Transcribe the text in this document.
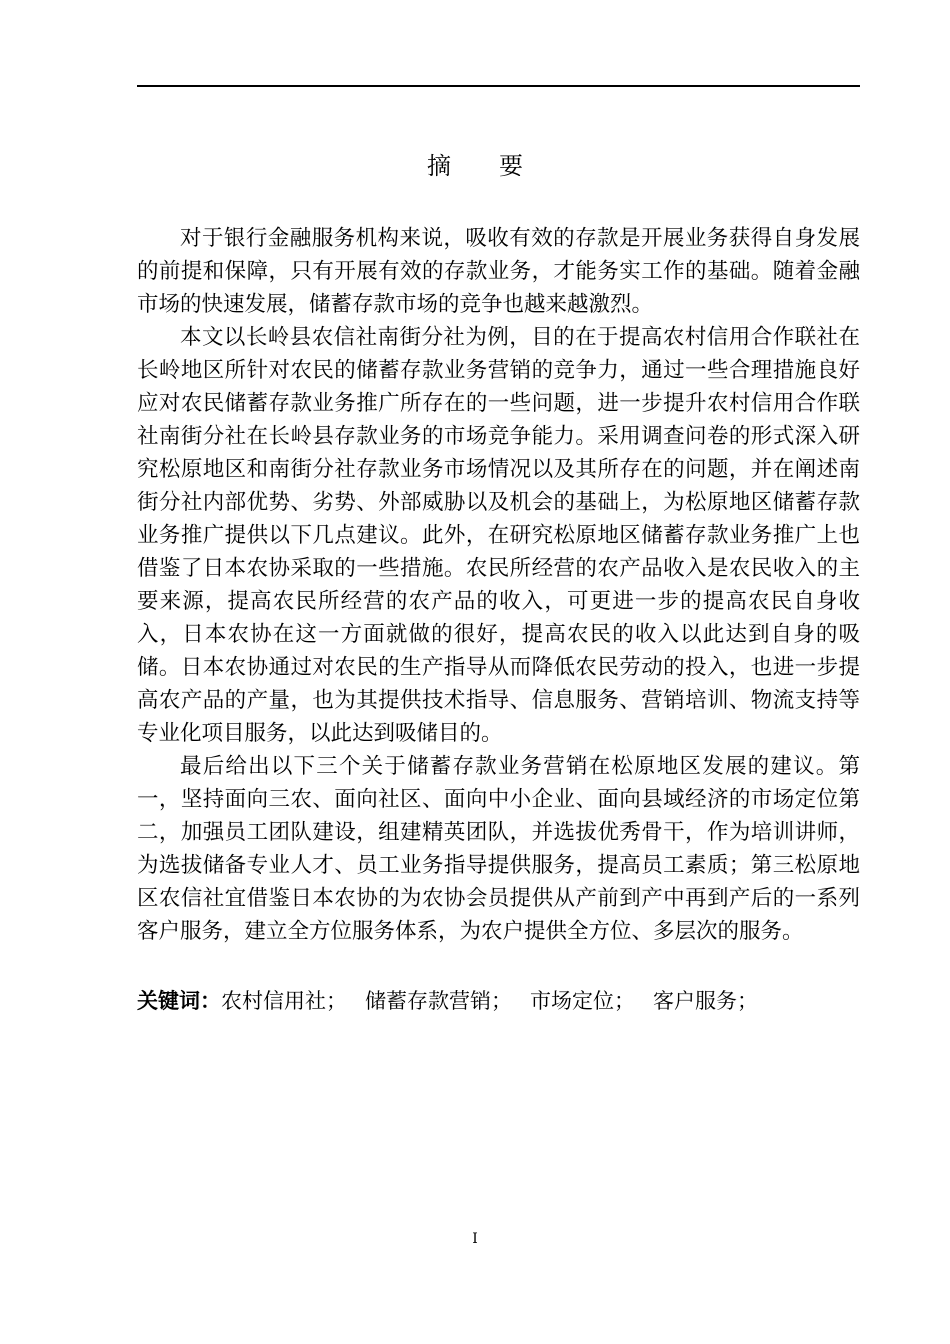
摘 要

对于银行金融服务机构来说，吸收有效的存款是开展业务获得自身发展的前提和保障，只有开展有效的存款业务，才能务实工作的基础。随着金融市场的快速发展，储蓄存款市场的竞争也越来越激烈。

本文以长岭县农信社南街分社为例，目的在于提高农村信用合作联社在长岭地区所针对农民的储蓄存款业务营销的竞争力，通过一些合理措施良好应对农民储蓄存款业务推广所存在的一些问题，进一步提升农村信用合作联社南街分社在长岭县存款业务的市场竞争能力。采用调查问卷的形式深入研究松原地区和南街分社存款业务市场情况以及其所存在的问题，并在阐述南街分社内部优势、劣势、外部威胁以及机会的基础上，为松原地区储蓄存款业务推广提供以下几点建议。此外，在研究松原地区储蓄存款业务推广上也借鉴了日本农协采取的一些措施。农民所经营的农产品收入是农民收入的主要来源，提高农民所经营的农产品的收入，可更进一步的提高农民自身收入，日本农协在这一方面就做的很好，提高农民的收入以此达到自身的吸储。日本农协通过对农民的生产指导从而降低农民劳动的投入，也进一步提高农产品的产量，也为其提供技术指导、信息服务、营销培训、物流支持等专业化项目服务，以此达到吸储目的。

最后给出以下三个关于储蓄存款业务营销在松原地区发展的建议。第一，坚持面向三农、面向社区、面向中小企业、面向县域经济的市场定位第二，加强员工团队建设，组建精英团队，并选拔优秀骨干，作为培训讲师，为选拔储备专业人才、员工业务指导提供服务，提高员工素质；第三松原地区农信社宜借鉴日本农协的为农协会员提供从产前到产中再到产后的一系列客户服务，建立全方位服务体系，为农户提供全方位、多层次的服务。

关键词：农村信用社； 储蓄存款营销； 市场定位； 客户服务；
I
